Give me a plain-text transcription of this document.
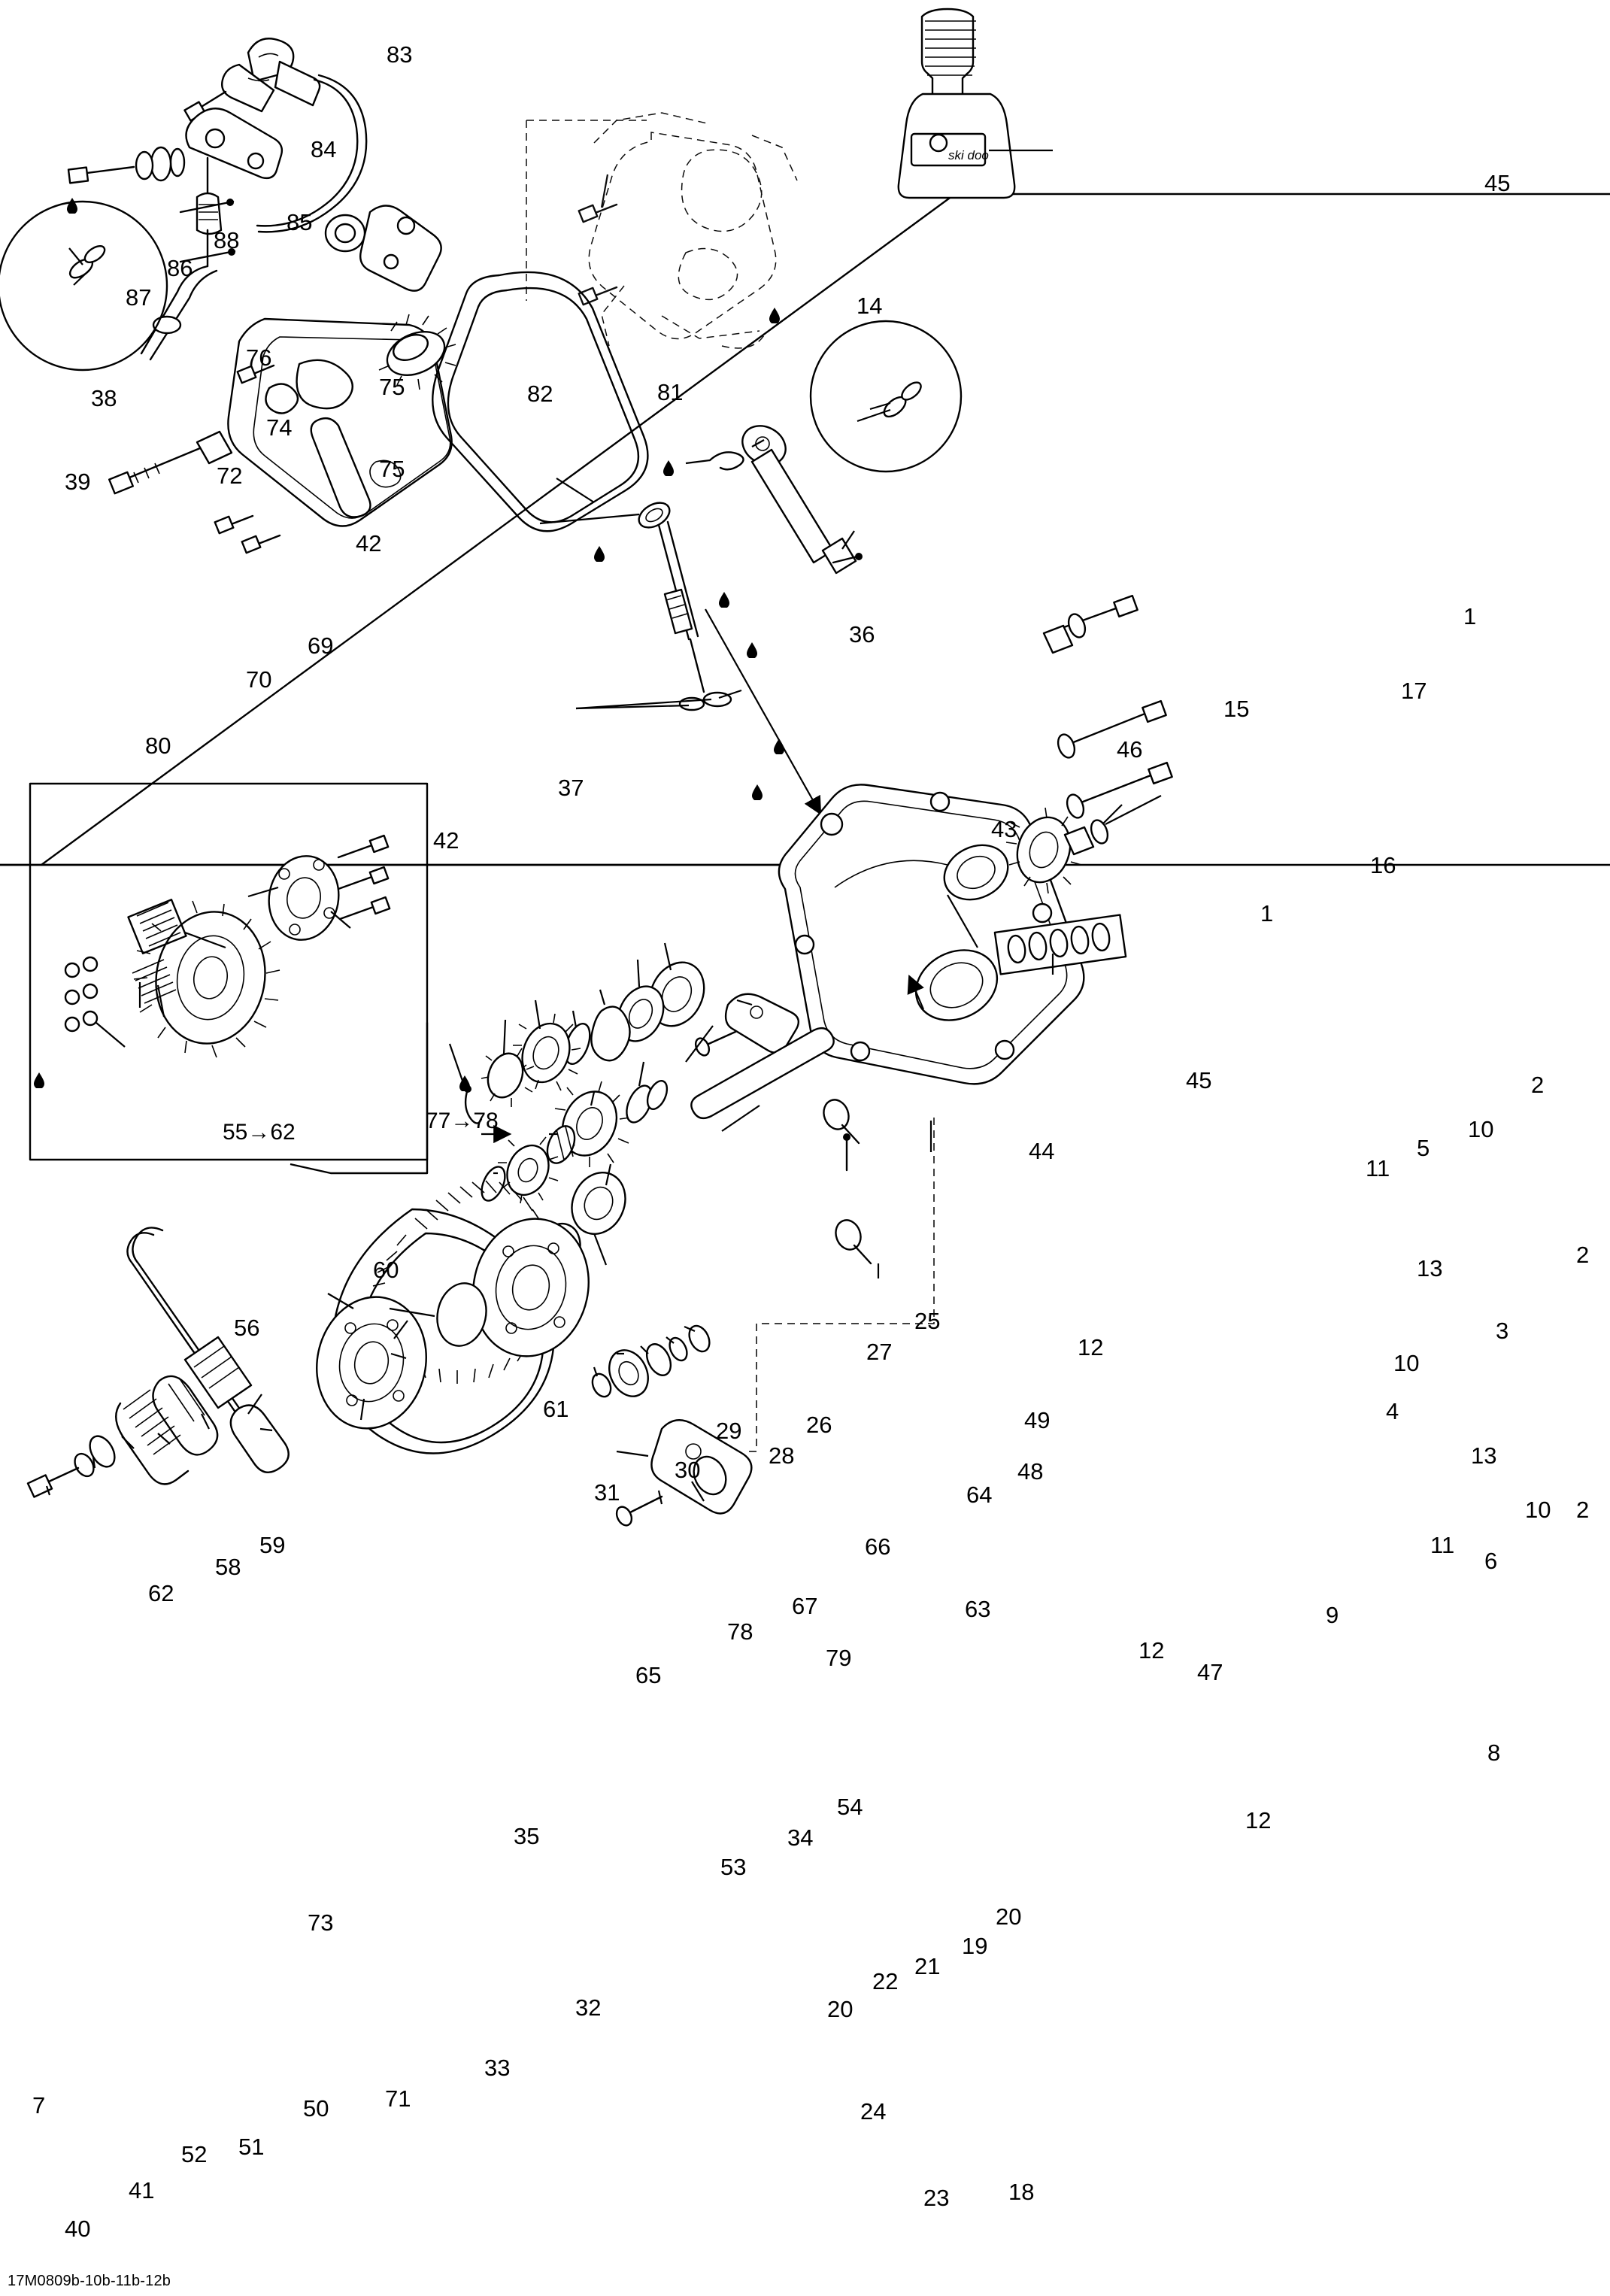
ski doo
83
84
85
88
86
87
76
75
74
75
72
38
39
42
69
70
80
37
42
82	81
14
36
45
1
17
15
46
16
1
43
45
44
2
11
5
10
2
13
3
10
4
13
2
10
6
11
9
8
12
47
12
12
25
27
26
28
29
30
31
49
48
64
66
67	63
78
79
65
54
34
53
35
32
33
73
71
50
51
52
41
40
7
56
60
61
59
58
62
20
19
21
22
20
24
23	18
17M0809b-10b-11b-12b
55→62	77→78
